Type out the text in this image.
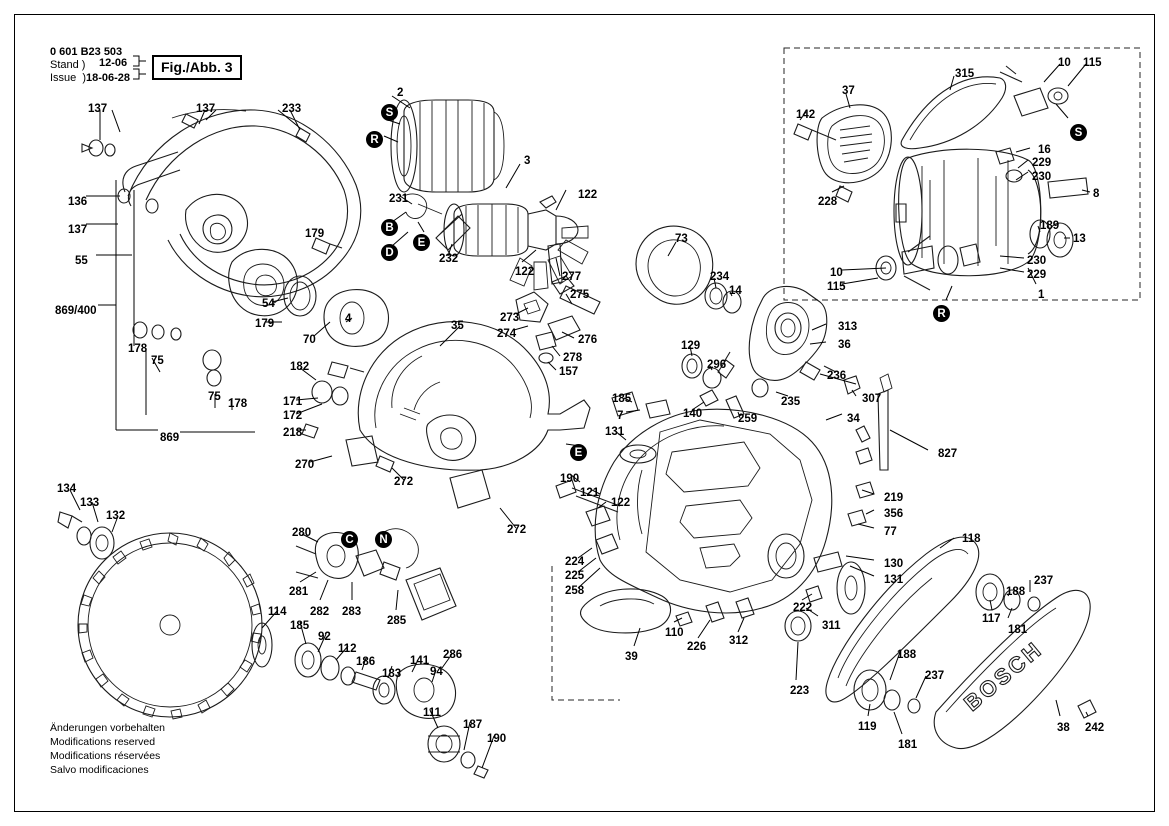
BOSCH
0 601 B23 503
Stand )
Issue  )
12-06
18-06-28
Fig./Abb. 3
Änderungen vorbehalten
Modifications reserved
Modifications réservées
Salvo modificaciones
137	137	233
136
137
55
869/400
178
75
75
178
869
54
179
179
70
182
171
172
218
270
272
272
2
3
231
232
122
122 277
275
273
274	276
278
157
35
4
73
234
14
129
296
313
36
236
235	307
34
185
7	140	259
131
190
121
122
224
225
258
39
110
226 312
222
311
223
827
219
356
77
130
131
118
117
188
237
181
188
237
119
181
38 242
142
37
315
10 115
16
229
230
228
8
189
13
230
229
10
115
1
134
133
132
280
281
282 283
285
114
185
92
112
186
183
141
94
286
111
187
190
S
R
B
D
E
E
S
R
C	N
